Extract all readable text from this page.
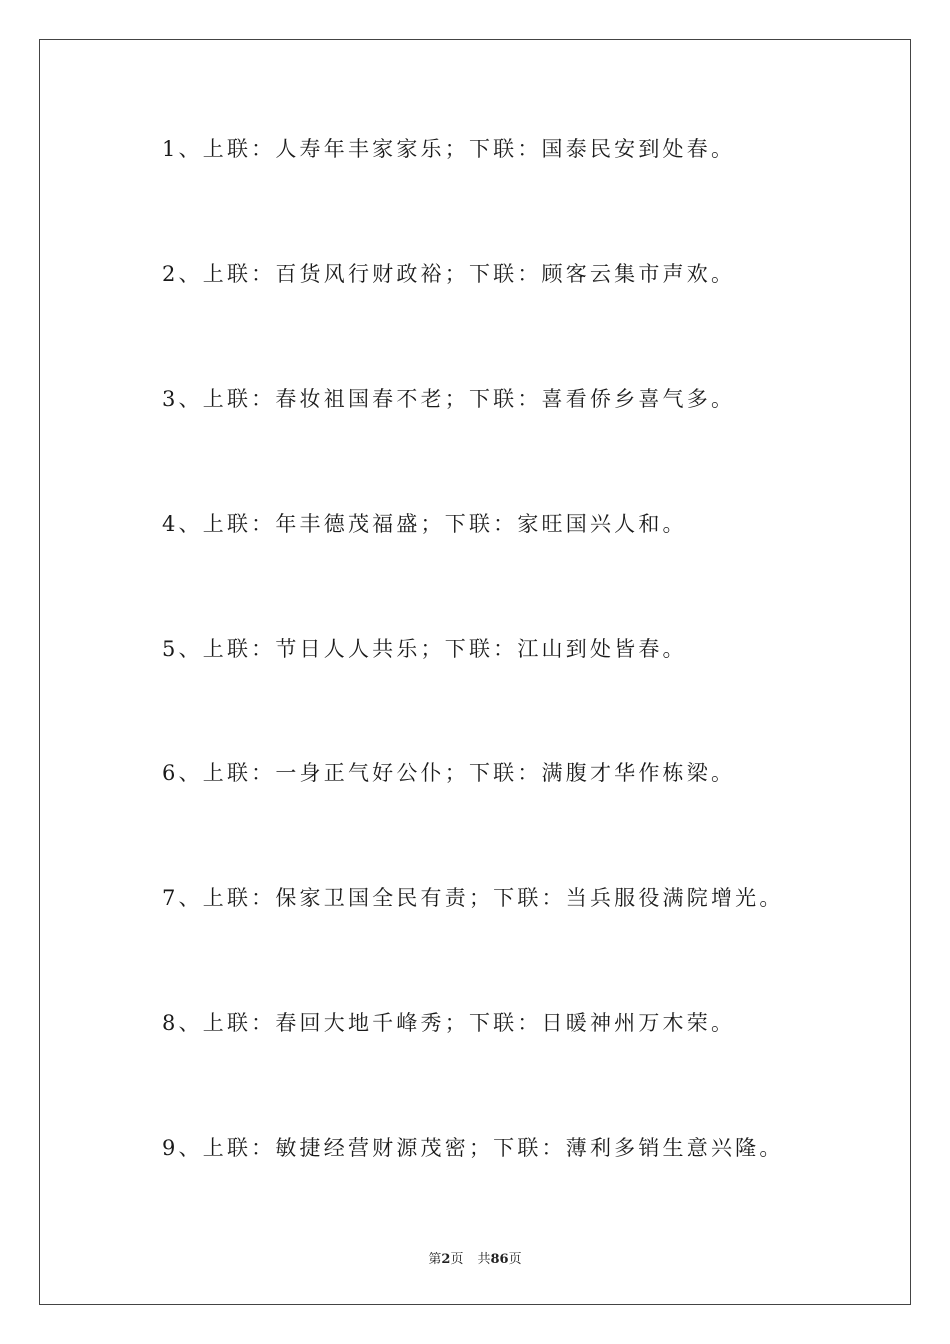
1、上联：人寿年丰家家乐；下联：国泰民安到处春。
2、上联：百货风行财政裕；下联：顾客云集市声欢。
3、上联：春妆祖国春不老；下联：喜看侨乡喜气多。
4、上联：年丰德茂福盛；下联：家旺国兴人和。
5、上联：节日人人共乐；下联：江山到处皆春。
6、上联：一身正气好公仆；下联：满腹才华作栋梁。
7、上联：保家卫国全民有责；下联：当兵服役满院增光。
8、上联：春回大地千峰秀；下联：日暖神州万木荣。
9、上联：敏捷经营财源茂密；下联：薄利多销生意兴隆。
第2页 共86页
